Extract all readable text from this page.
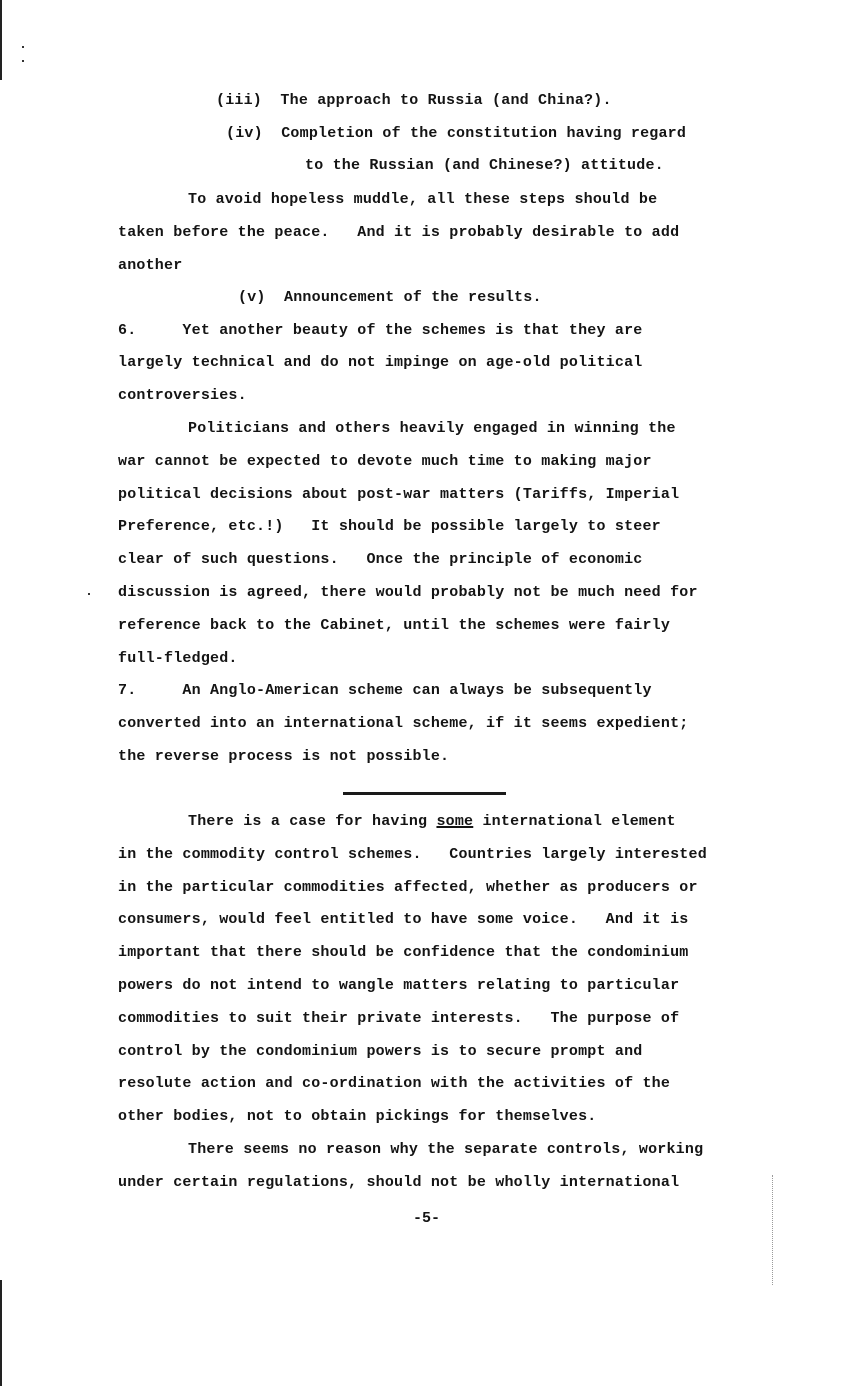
(iii)  The approach to Russia (and China?).
(iv)  Completion of the constitution having regard
to the Russian (and Chinese?) attitude.
To avoid hopeless muddle, all these steps should be
taken before the peace.   And it is probably desirable to add
another
(v)  Announcement of the results.
6.     Yet another beauty of the schemes is that they are
largely technical and do not impinge on age-old political
controversies.
Politicians and others heavily engaged in winning the
war cannot be expected to devote much time to making major
political decisions about post-war matters (Tariffs, Imperial
Preference, etc.!)   It should be possible largely to steer
clear of such questions.   Once the principle of economic
discussion is agreed, there would probably not be much need for
reference back to the Cabinet, until the schemes were fairly
full-fledged.
7.     An Anglo-American scheme can always be subsequently
converted into an international scheme, if it seems expedient;
the reverse process is not possible.
There is a case for having some international element
in the commodity control schemes.   Countries largely interested
in the particular commodities affected, whether as producers or
consumers, would feel entitled to have some voice.   And it is
important that there should be confidence that the condominium
powers do not intend to wangle matters relating to particular
commodities to suit their private interests.   The purpose of
control by the condominium powers is to secure prompt and
resolute action and co-ordination with the activities of the
other bodies, not to obtain pickings for themselves.
There seems no reason why the separate controls, working
under certain regulations, should not be wholly international
-5-
